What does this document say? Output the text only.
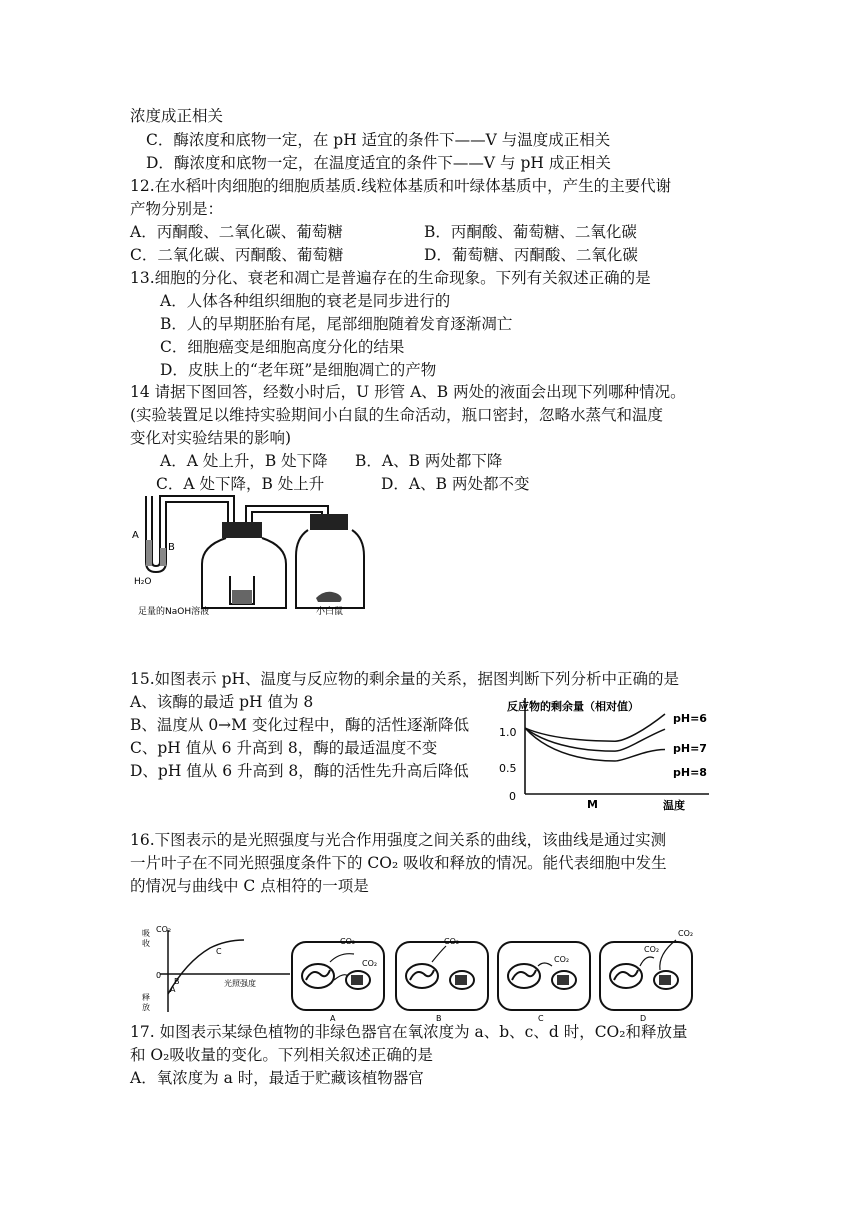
浓度成正相关
C．酶浓度和底物一定，在 pH 适宜的条件下——V 与温度成正相关
D．酶浓度和底物一定，在温度适宜的条件下——V 与 pH 成正相关
12.在水稻叶肉细胞的细胞质基质.线粒体基质和叶绿体基质中，产生的主要代谢
产物分别是：
A．丙酮酸、二氧化碳、葡萄糖	B．丙酮酸、葡萄糖、二氧化碳
C．二氧化碳、丙酮酸、葡萄糖	D．葡萄糖、丙酮酸、二氧化碳
13.细胞的分化、衰老和凋亡是普遍存在的生命现象。下列有关叙述正确的是
A．人体各种组织细胞的衰老是同步进行的
B．人的早期胚胎有尾，尾部细胞随着发育逐渐凋亡
C．细胞癌变是细胞高度分化的结果
D．皮肤上的“老年斑”是细胞凋亡的产物
14 请据下图回答，经数小时后，U 形管 A、B 两处的液面会出现下列哪种情况。
(实验装置足以维持实验期间小白鼠的生命活动，瓶口密封，忽略水蒸气和温度
变化对实验结果的影响)
A．A 处上升，B 处下降 B．A、B 两处都下降
C．A 处下降，B 处上升	D．A、B 两处都不变
A
B
H₂O
足量的NaOH溶液	小白鼠
15.如图表示 pH、温度与反应物的剩余量的关系，据图判断下列分析中正确的是
A、该酶的最适 pH 值为 8
B、温度从 0→M 变化过程中，酶的活性逐渐降低
C、pH 值从 6 升高到 8，酶的最适温度不变
D、pH 值从 6 升高到 8，酶的活性先升高后降低
反应物的剩余量（相对值）
1.0
0.5
0
M	温度
pH=6
pH=7
pH=8
16.下图表示的是光照强度与光合作用强度之间关系的曲线，该曲线是通过实测
一片叶子在不同光照强度条件下的 CO₂ 吸收和释放的情况。能代表细胞中发生
的情况与曲线中 C 点相符的一项是
吸
收
CO₂
释
放
0
A
B
C
光照强度
CO₂
CO₂
A
CO₂
B
CO₂
C
CO₂
CO₂
D
17. 如图表示某绿色植物的非绿色器官在氧浓度为 a、b、c、d 时，CO₂和释放量
和 O₂吸收量的变化。下列相关叙述正确的是
A．氧浓度为 a 时，最适于贮藏该植物器官
